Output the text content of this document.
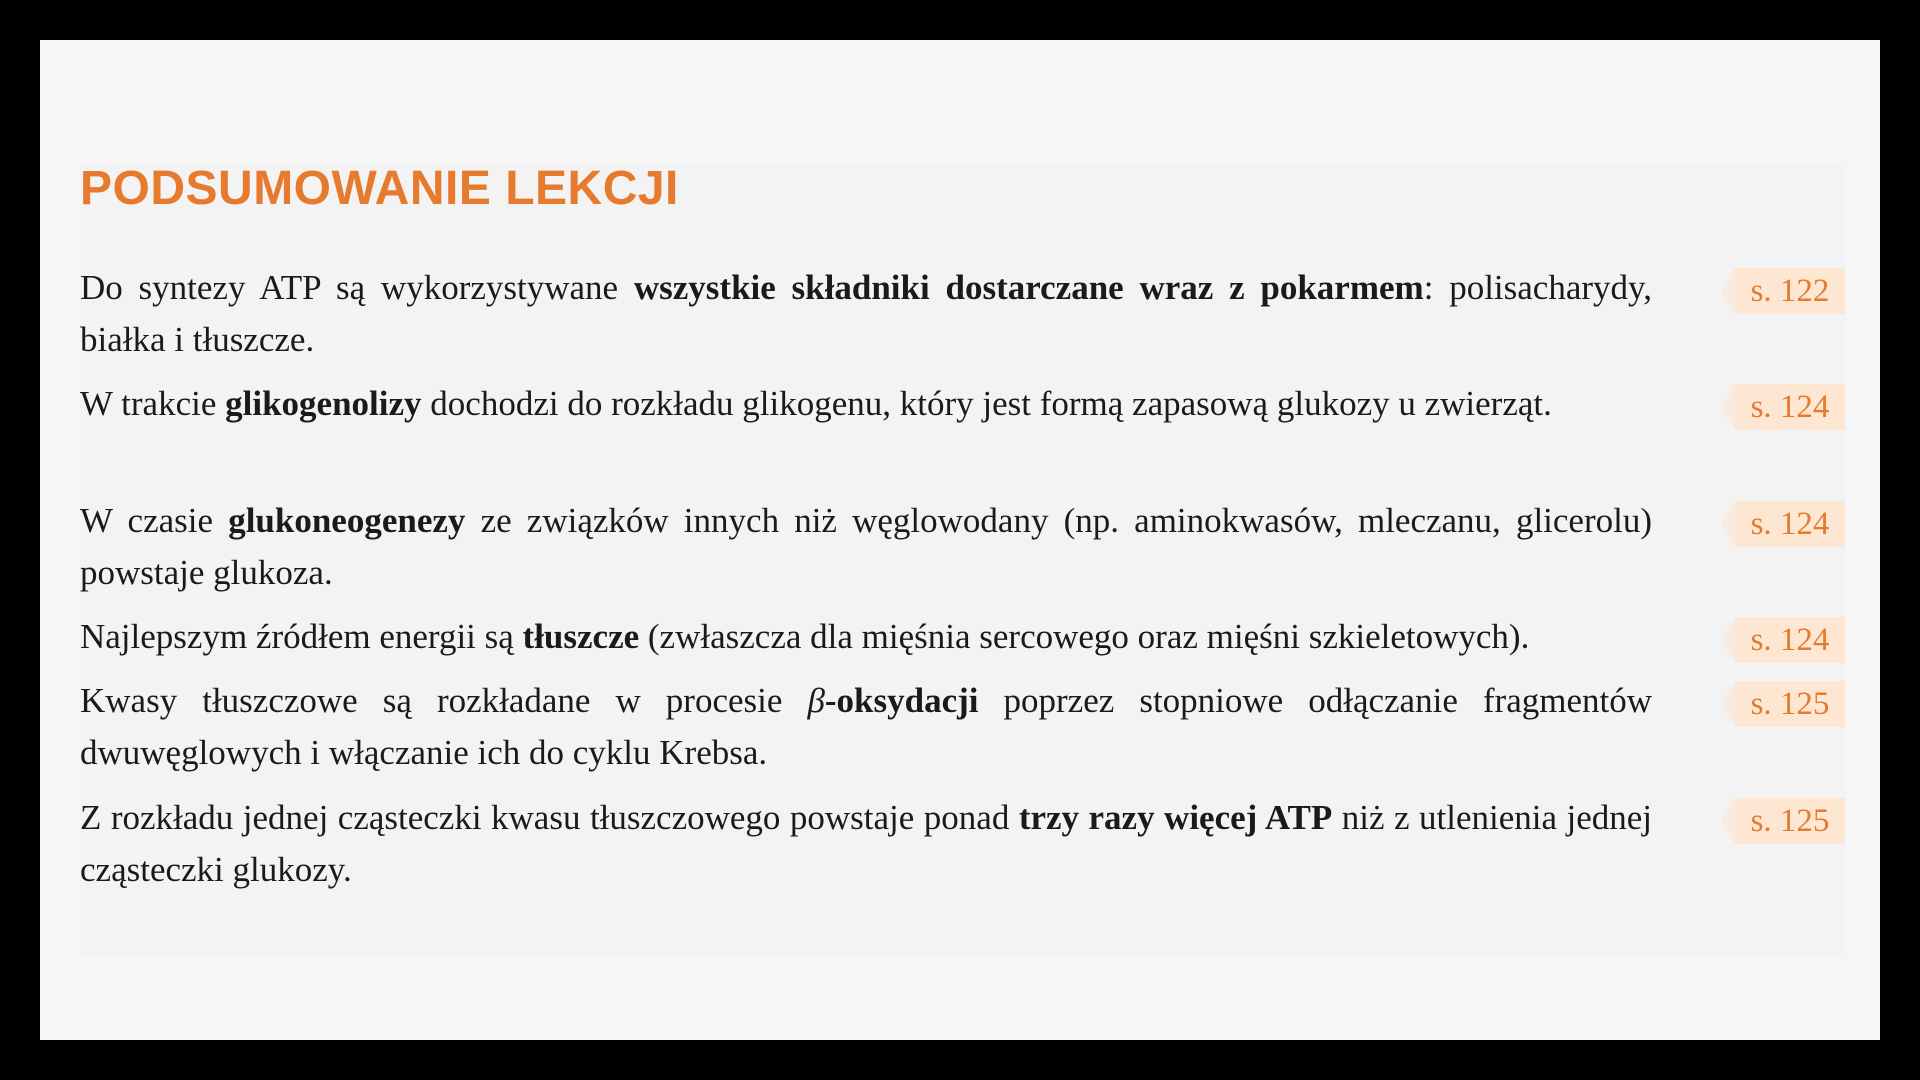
PODSUMOWANIE LEKCJI

Do syntezy ATP są wykorzystywane wszystkie składniki dostarczane wraz z pokarmem: polisacharydy, białka i tłuszcze.

s. 122

W trakcie glikogenolizy dochodzi do rozkładu glikogenu, który jest formą zapasową glukozy u zwierząt.	s. 124

W czasie glukoneogenezy ze związków innych niż węglowodany (np. aminokwasów, mleczanu, glicerolu) powstaje glukoza.

s. 124

Najlepszym źródłem energii są tłuszcze (zwłaszcza dla mięśnia sercowego oraz mięśni szkieletowych).	s. 124

Kwasy tłuszczowe są rozkładane w procesie β-oksydacji poprzez stopniowe odłączanie fragmentów dwuwęglowych i włączanie ich do cyklu Krebsa.

s. 125

Z rozkładu jednej cząsteczki kwasu tłuszczowego powstaje ponad trzy razy więcej ATP niż z utlenienia jednej cząsteczki glukozy.

s. 125
